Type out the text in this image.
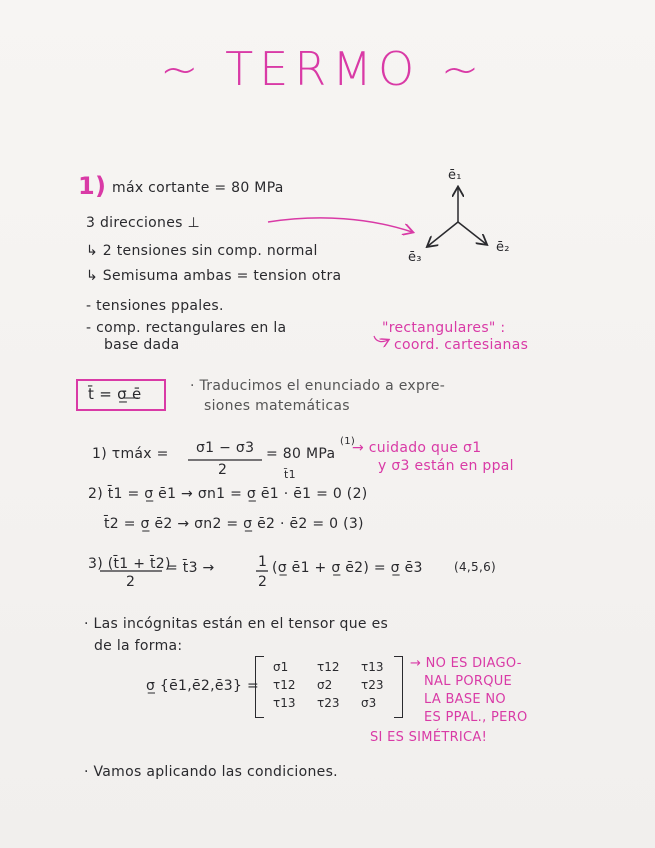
~ TERMO ~
1) máx cortante = 80 MPa
3 direcciones ⊥
↳ 2 tensiones sin comp. normal
↳ Semisuma ambas = tension otra
- tensiones ppales.
- comp. rectangulares en la
base dada
"rectangulares" :
coord. cartesianas
ē₁
ē₂
ē₃
t̄ = σ̲ ē	· Traducimos el enunciado a expre-
siones matemáticas
1) τmáx = σ1 − σ3
2
= 80 MPa
(1)
→ cuidado que σ1
y σ3 están en ppal
t̄1
2) t̄1 = σ̲ ē1 → σn1 = σ̲ ē1 · ē1 = 0 (2)
t̄2 = σ̲ ē2 → σn2 = σ̲ ē2 · ē2 = 0 (3)
3) (t̄1 + t̄2)
2
= t̄3 →	1
2
(σ̲ ē1 + σ̲ ē2) = σ̲ ē3	(4,5,6)
· Las incógnitas están en el tensor que es
de la forma:
σ̲ {ē1,ē2,ē3} =
σ1	τ12 τ13
τ12 σ2	τ23
τ13 τ23 σ3
→ NO ES DIAGO-
NAL PORQUE
LA BASE NO
ES PPAL., PERO
SI ES SIMÉTRICA!
· Vamos aplicando las condiciones.
